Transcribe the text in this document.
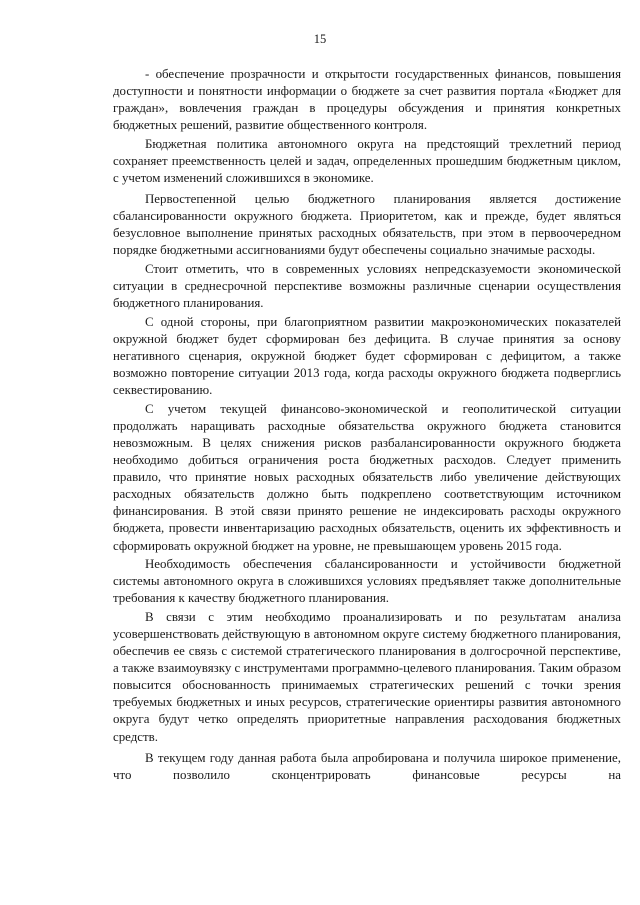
15

- обеспечение прозрачности и открытости государственных финансов, повышения доступности и понятности информации о бюджете за счет развития портала «Бюджет для граждан», вовлечения граждан в процедуры обсуждения и принятия конкретных бюджетных решений, развитие общественного контроля.

Бюджетная политика автономного округа на предстоящий трехлетний период сохраняет преемственность целей и задач, определенных прошедшим бюджетным циклом, с учетом изменений сложившихся в экономике.

Первостепенной целью бюджетного планирования является достижение сбалансированности окружного бюджета. Приоритетом, как и прежде, будет являться безусловное выполнение принятых расходных обязательств, при этом в первоочередном порядке бюджетными ассигнованиями будут обеспечены социально значимые расходы.

Стоит отметить, что в современных условиях непредсказуемости экономической ситуации в среднесрочной перспективе возможны различные сценарии осуществления бюджетного планирования.

С одной стороны, при благоприятном развитии макроэкономических показателей окружной бюджет будет сформирован без дефицита. В случае принятия за основу негативного сценария, окружной бюджет будет сформирован с дефицитом, а также возможно повторение ситуации 2013 года, когда расходы окружного бюджета подверглись секвестированию.

С учетом текущей финансово-экономической и геополитической ситуации продолжать наращивать расходные обязательства окружного бюджета становится невозможным. В целях снижения рисков разбалансированности окружного бюджета необходимо добиться ограничения роста бюджетных расходов. Следует применить правило, что принятие новых расходных обязательств либо увеличение действующих расходных обязательств должно быть подкреплено соответствующим источником финансирования. В этой связи принято решение не индексировать расходы окружного бюджета, провести инвентаризацию расходных обязательств, оценить их эффективность и сформировать окружной бюджет на уровне, не превышающем уровень 2015 года.

Необходимость обеспечения сбалансированности и устойчивости бюджетной системы автономного округа в сложившихся условиях предъявляет также дополнительные требования к качеству бюджетного планирования.

В связи с этим необходимо проанализировать и по результатам анализа усовершенствовать действующую в автономном округе систему бюджетного планирования, обеспечив ее связь с системой стратегического планирования в долгосрочной перспективе, а также взаимоувязку с инструментами программно-целевого планирования. Таким образом повысится обоснованность принимаемых стратегических решений с точки зрения требуемых бюджетных и иных ресурсов, стратегические ориентиры развития автономного округа будут четко определять приоритетные направления расходования бюджетных средств.

В текущем году данная работа была апробирована и получила широкое применение, что позволило сконцентрировать финансовые ресурсы на
